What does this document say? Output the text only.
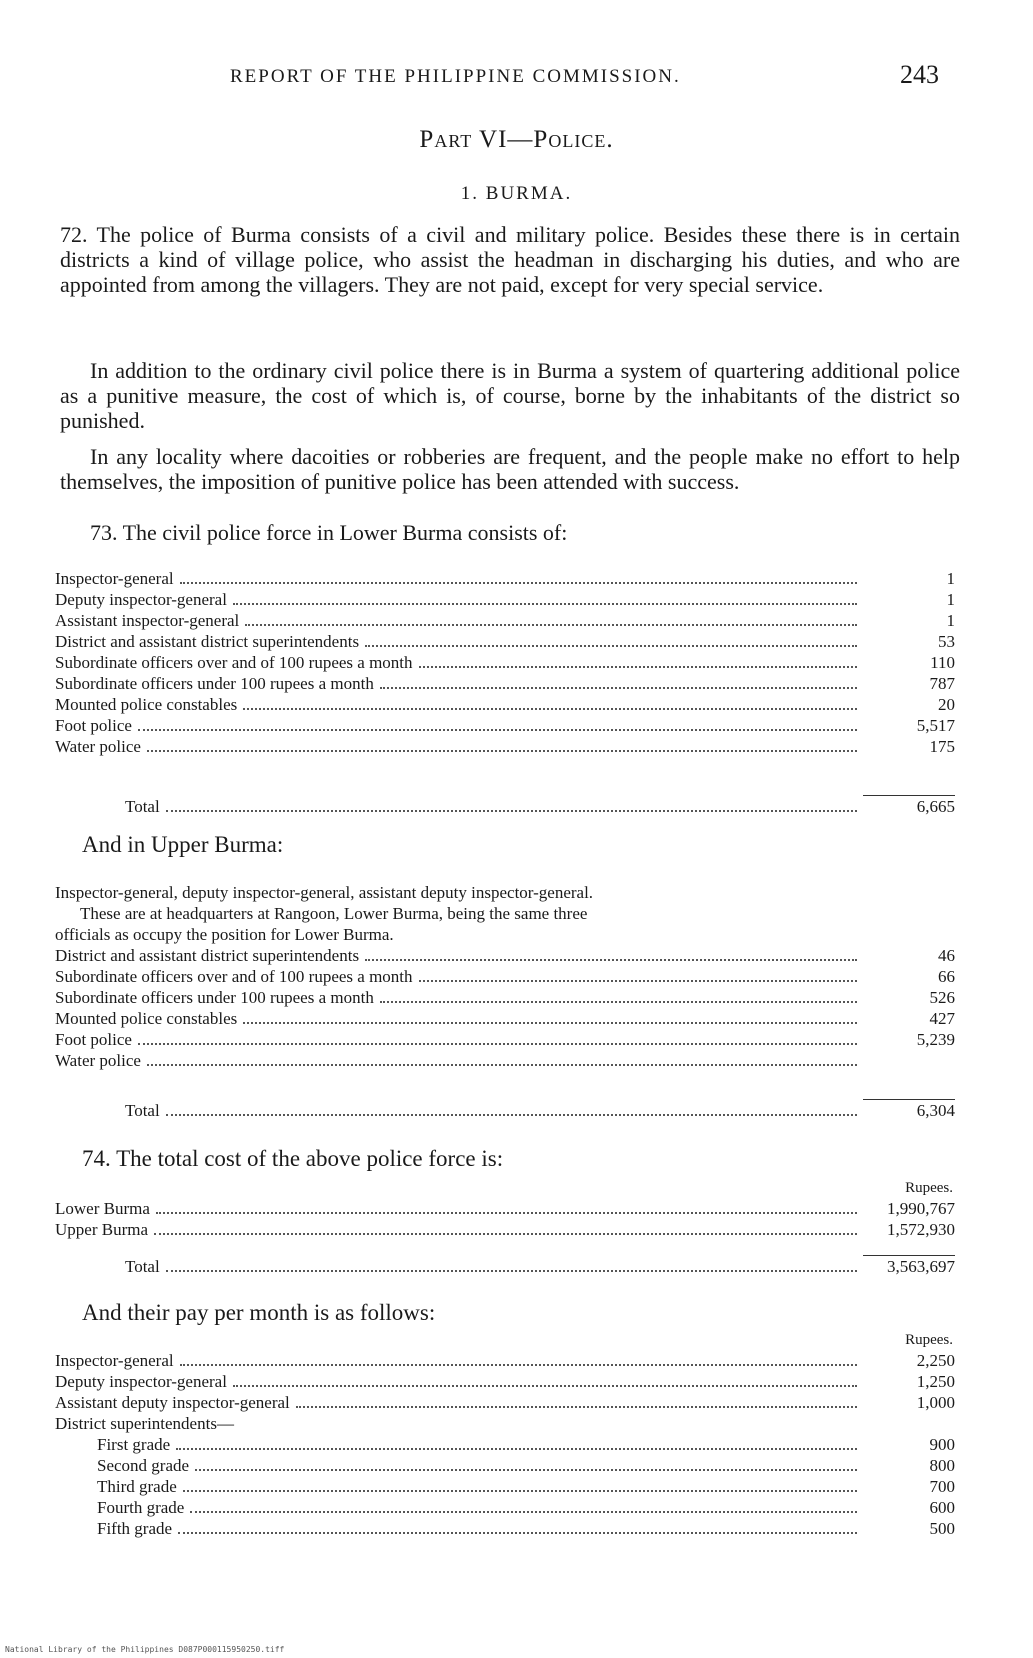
REPORT OF THE PHILIPPINE COMMISSION.	243
Part VI—Police.
1. BURMA.

72. The police of Burma consists of a civil and military police. Besides these there is in certain districts a kind of village police, who assist the headman in discharging his duties, and who are appointed from among the villagers. They are not paid, except for very special service.

In addition to the ordinary civil police there is in Burma a system of quartering additional police as a punitive measure, the cost of which is, of course, borne by the inhabitants of the district so punished.

In any locality where dacoities or robberies are frequent, and the people make no effort to help themselves, the imposition of punitive police has been attended with success.

73. The civil police force in Lower Burma consists of:

Inspector-general	1
Deputy inspector-general	1
Assistant inspector-general	1
District and assistant district superintendents	53
Subordinate officers over and of 100 rupees a month	110
Subordinate officers under 100 rupees a month	787
Mounted police constables	20
Foot police	5,517
Water police	175
Total	6,665
And in Upper Burma:
Inspector-general, deputy inspector-general, assistant deputy inspector-general.
These are at headquarters at Rangoon, Lower Burma, being the same three
officials as occupy the position for Lower Burma.
District and assistant district superintendents	46
Subordinate officers over and of 100 rupees a month	66
Subordinate officers under 100 rupees a month	526
Mounted police constables	427
Foot police	5,239
Water police
Total	6,304
74. The total cost of the above police force is:
Rupees.
Lower Burma	1,990,767
Upper Burma	1,572,930
Total	3,563,697
And their pay per month is as follows:
Rupees.
Inspector-general	2,250
Deputy inspector-general	1,250
Assistant deputy inspector-general	1,000
District superintendents—
First grade	900
Second grade	800
Third grade	700
Fourth grade	600
Fifth grade	500
National Library of the Philippines D087P000115950250.tiff
